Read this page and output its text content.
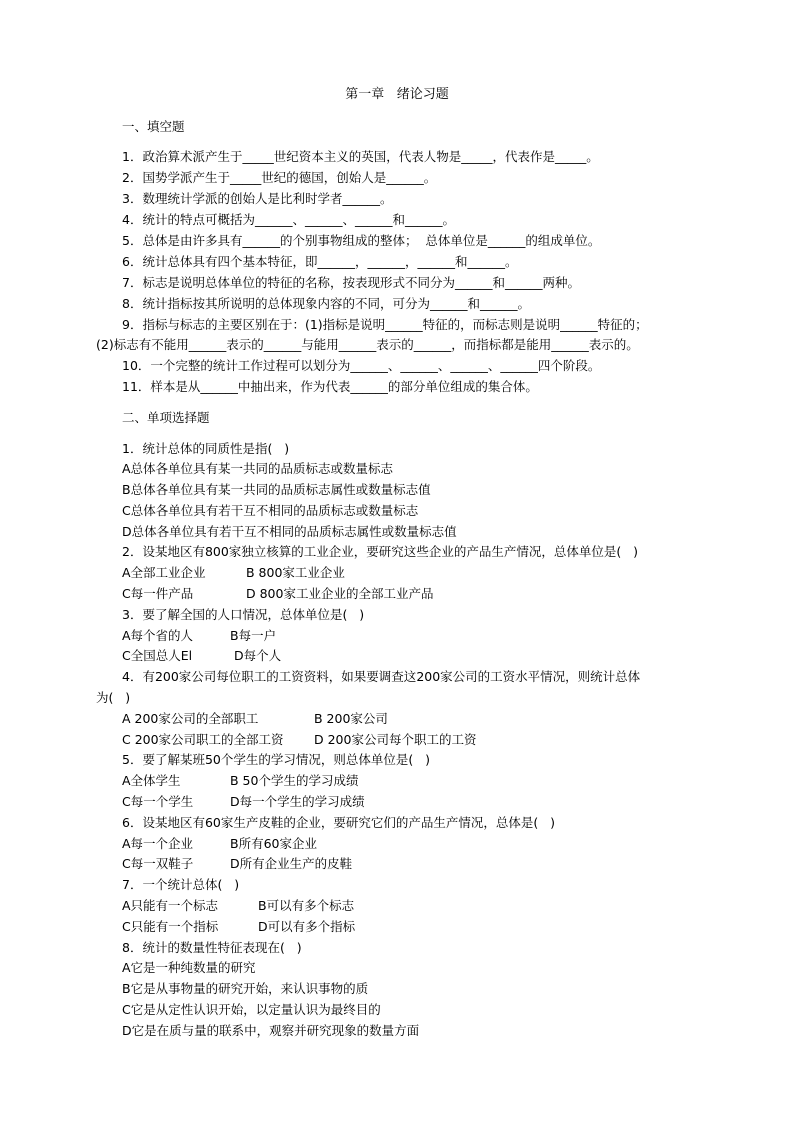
第一章   绪论习题
一、填空题
1．政治算术派产生于_____世纪资本主义的英国，代表人物是_____，代表作是_____。
2．国势学派产生于_____世纪的德国，创始人是______。
3．数理统计学派的创始人是比利时学者______。
4．统计的特点可概括为______、______、______和______。
5．总体是由许多具有______的个别事物组成的整体；  总体单位是______的组成单位。
6．统计总体具有四个基本特征，即______，______，______和______。
7．标志是说明总体单位的特征的名称，按表现形式不同分为______和______两种。
8．统计指标按其所说明的总体现象内容的不同，可分为______和______。
9．指标与标志的主要区别在于：(1)指标是说明______特征的，而标志则是说明______特征的；
(2)标志有不能用______表示的______与能用______表示的______，而指标都是能用______表示的。
10．一个完整的统计工作过程可以划分为______、______、______、______四个阶段。
11．样本是从______中抽出来，作为代表______的部分单位组成的集合体。
二、单项选择题
1．统计总体的同质性是指(   )
A总体各单位具有某一共同的品质标志或数量标志
B总体各单位具有某一共同的品质标志属性或数量标志值
C总体各单位具有若干互不相同的品质标志或数量标志
D总体各单位具有若干互不相同的品质标志属性或数量标志值
2．设某地区有800家独立核算的工业企业，要研究这些企业的产品生产情况，总体单位是(   )
A全部工业企业	B 800家工业企业
C每一件产品	D 800家工业企业的全部工业产品
3．要了解全国的人口情况，总体单位是(   )
A每个省的人	B每一户
C全国总人El	D每个人
4．有200家公司每位职工的工资资料，如果要调查这200家公司的工资水平情况，则统计总体
为(   )
A 200家公司的全部职工	B 200家公司
C 200家公司职工的全部工资 D 200家公司每个职工的工资
5．要了解某班50个学生的学习情况，则总体单位是(   )
A全体学生	B 50个学生的学习成绩
C每一个学生	D每一个学生的学习成绩
6．设某地区有60家生产皮鞋的企业，要研究它们的产品生产情况，总体是(   )
A每一个企业	B所有60家企业
C每一双鞋子	D所有企业生产的皮鞋
7．一个统计总体(   )
A只能有一个标志	B可以有多个标志
C只能有一个指标	D可以有多个指标
8．统计的数量性特征表现在(   )
A它是一种纯数量的研究
B它是从事物量的研究开始，来认识事物的质
C它是从定性认识开始，以定量认识为最终目的
D它是在质与量的联系中，观察并研究现象的数量方面
